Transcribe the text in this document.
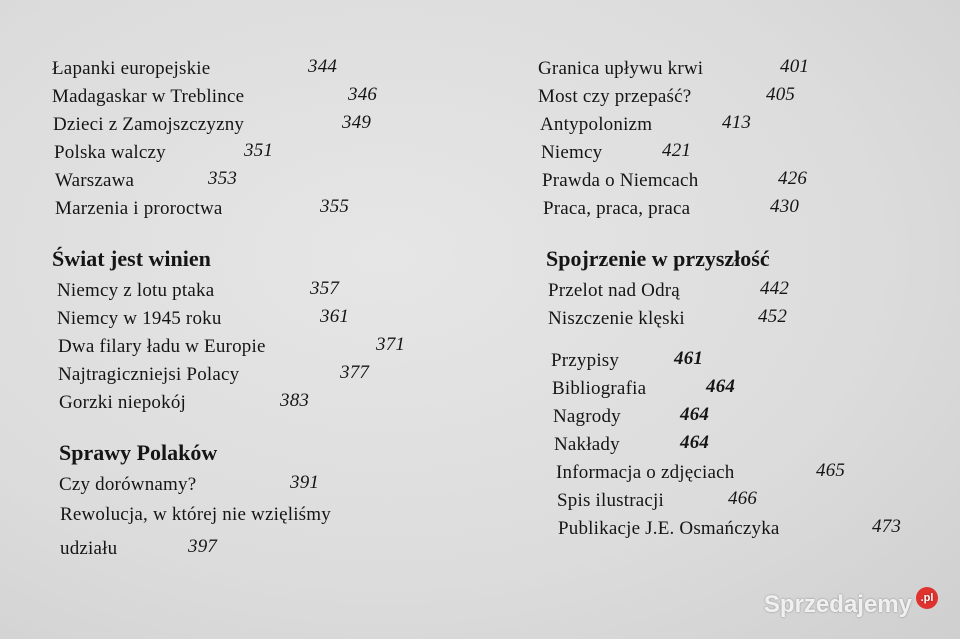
Łapanki europejskie	344
Madagaskar w Treblince	346
Dzieci z Zamojszczyzny	349
Polska walczy	351
Warszawa	353
Marzenia i proroctwa	355
Świat jest winien
Niemcy z lotu ptaka	357
Niemcy w 1945 roku	361
Dwa filary ładu w Europie	371
Najtragiczniejsi Polacy	377
Gorzki niepokój	383
Sprawy Polaków
Czy dorównamy?	391
Rewolucja, w której nie wzięliśmy
udziału	397
Granica upływu krwi	401
Most czy przepaść?	405
Antypolonizm	413
Niemcy	421
Prawda o Niemcach	426
Praca, praca, praca	430
Spojrzenie w przyszłość
Przelot nad Odrą	442
Niszczenie klęski	452
Przypisy	461
Bibliografia	464
Nagrody	464
Nakłady	464
Informacja o zdjęciach	465
Spis ilustracji	466
Publikacje J.E. Osmańczyka	473
Sprzedajemy .pl
